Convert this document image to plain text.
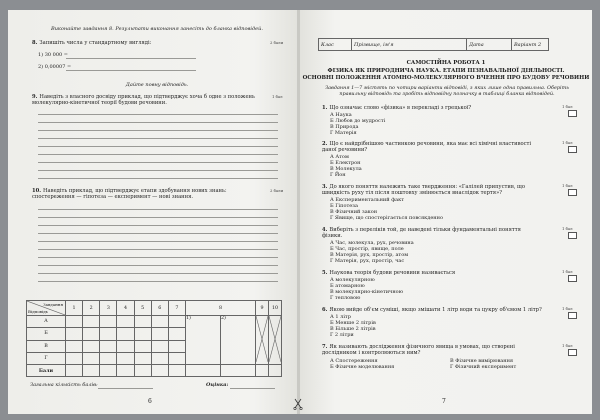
Виконайте завдання 8. Результати виконання занесіть до бланка відповідей.
8. Запишіть числа у стандартному вигляді:	2 бали
1) 30 000 =
2) 0,00007 =
Дайте повну відповідь.
9. Наведіть з власного досвіду приклад, що підтверджує хоча б одне з положень молекулярно-кінетичної теорії будови речовини.
1 бал
10. Наведіть приклад, що підтверджує етапи здобування нових знань: спостереження — гіпотеза — експеримент — нові знання.
2 бали
Завдання
Відповідь	1	2	3	4	5	6	7	8		9	10
А								1)	2)		
Б											
В											
Г											
Бали											
Загальна кількість балів:	Оцінка:
6
Клас	Прізвище, ім'я	Дата	Варіант 2
САМОСТІЙНА РОБОТА 1
ФІЗИКА ЯК ПРИРОДНИЧА НАУКА. ЕТАПИ ПІЗНАВАЛЬНОЇ ДІЯЛЬНОСТІ.
ОСНОВНІ ПОЛОЖЕННЯ АТОМНО-МОЛЕКУЛЯРНОГО ВЧЕННЯ ПРО БУДОВУ РЕЧОВИНИ
Завдання 1—7 містять по чотири варіанти відповіді, з яких лише одна правильна. Оберіть правильну відповідь та зробіть відповідну позначку в таблиці бланка відповідей.
1. Що означає слово «фізика» в перекладі з грецької?	1 бал
А Наука
Б Любов до мудрості
В Природа
Г Матерія
2. Що є найдрібнішою частинкою речовини, яка має всі хімічні властивості даної речовини?
1 бал
А Атом
Б Електрон
В Молекула
Г Йон
3. До якого поняття належить таке твердження: «Галілей припустив, що швидкість руху тіл після поштовху змінюється внаслідок тертя»?
1 бал
А Експериментальний факт
Б Гіпотеза
В Фізичний закон
Г Явище, що спостерігається повсякденно
4. Виберіть з переліків той, де наведені тільки фундаментальні поняття фізики.
1 бал
А Час, молекула, рух, речовина
Б Час, простір, явище, поле
В Матерія, рух, простір, атом
Г Матерія, рух, простір, час
5. Наукова теорія будови речовини називається	1 бал
А молекулярною
Б атомарною
В молекулярно-кінетичною
Г тепловою
6. Якою вийде об'єм суміші, якщо змішати 1 літр води та цукру об'ємом 1 літр?	1 бал
А 1 літр
Б Менше 2 літрів
В Більше 2 літрів
Г 2 літри
7. Як називають дослідження фізичного явища в умовах, що створені дослідником і контролюються ним?
1 бал
А Спостереження
Б Фізичне моделювання
В Фізичне вимірювання
Г Фізичний експеримент
7
